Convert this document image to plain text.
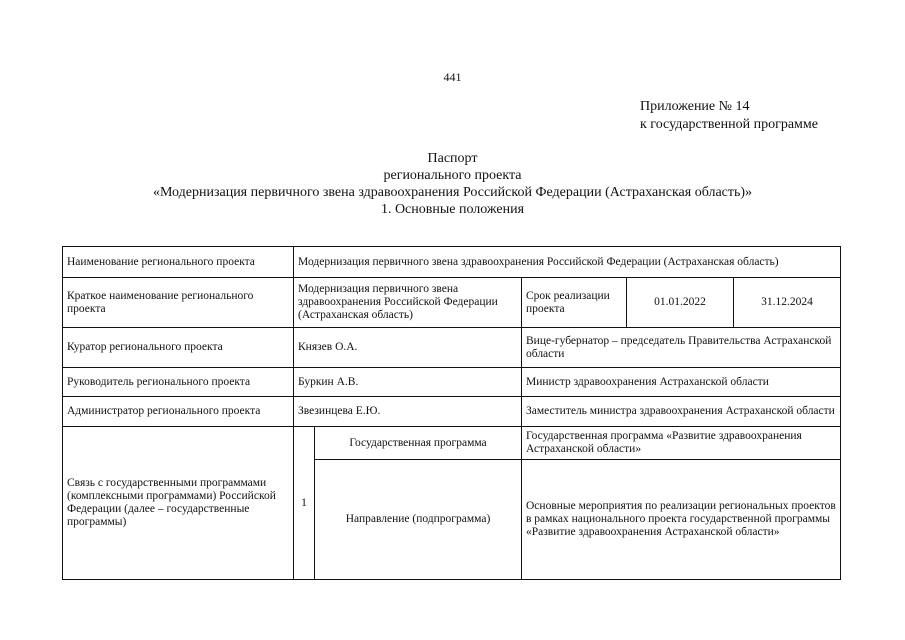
441
Приложение № 14
к государственной программе
Паспорт
регионального проекта
«Модернизация первичного звена здравоохранения Российской Федерации (Астраханская область)»
1. Основные положения
Наименование регионального проекта	Модернизация первичного звена здравоохранения Российской Федерации (Астраханская область)				
Краткое наименование регионального проекта	Модернизация первичного звена здравоохранения Российской Федерации (Астраханская область)		Срок реализации проекта	01.01.2022	31.12.2024
Куратор регионального проекта	Князев О.А.		Вице-губернатор – председатель Правительства Астраханской области		
Руководитель регионального проекта	Буркин А.В.		Министр здравоохранения Астраханской области		
Администратор регионального проекта	Звезинцева Е.Ю.		Заместитель министра здравоохранения Астраханской области		
Связь с государственными программами (комплексными программами) Российской Федерации (далее – государственные программы)	1	Государственная программа	Государственная программа «Развитие здравоохранения Астраханской области»		
		Направление (подпрограмма)	Основные мероприятия по реализации региональных проектов в рамках национального проекта государственной программы «Развитие здравоохранения Астраханской области»		
